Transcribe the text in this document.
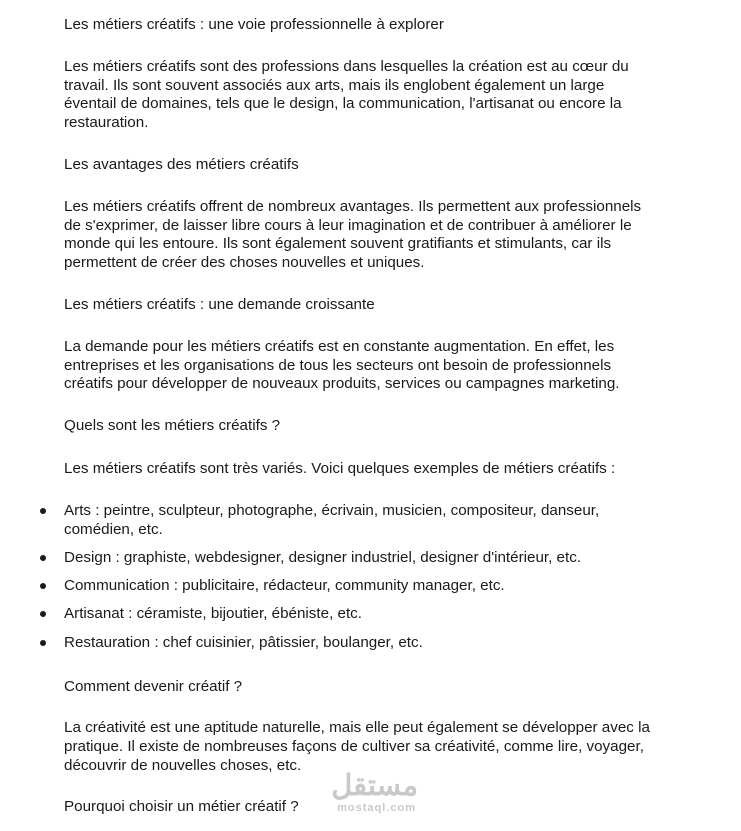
Les métiers créatifs : une voie professionnelle à explorer

Les métiers créatifs sont des professions dans lesquelles la création est au cœur du

travail. Ils sont souvent associés aux arts, mais ils englobent également un large

éventail de domaines, tels que le design, la communication, l'artisanat ou encore la

restauration.

Les avantages des métiers créatifs

Les métiers créatifs offrent de nombreux avantages. Ils permettent aux professionnels

de s'exprimer, de laisser libre cours à leur imagination et de contribuer à améliorer le

monde qui les entoure. Ils sont également souvent gratifiants et stimulants, car ils

permettent de créer des choses nouvelles et uniques.

Les métiers créatifs : une demande croissante

La demande pour les métiers créatifs est en constante augmentation. En effet, les

entreprises et les organisations de tous les secteurs ont besoin de professionnels

créatifs pour développer de nouveaux produits, services ou campagnes marketing.

Quels sont les métiers créatifs ?

Les métiers créatifs sont très variés. Voici quelques exemples de métiers créatifs :

Arts : peintre, sculpteur, photographe, écrivain, musicien, compositeur, danseur,

comédien, etc.

Design : graphiste, webdesigner, designer industriel, designer d'intérieur, etc.

Communication : publicitaire, rédacteur, community manager, etc.

Artisanat : céramiste, bijoutier, ébéniste, etc.

Restauration : chef cuisinier, pâtissier, boulanger, etc.

Comment devenir créatif ?

La créativité est une aptitude naturelle, mais elle peut également se développer avec la

pratique. Il existe de nombreuses façons de cultiver sa créativité, comme lire, voyager,

découvrir de nouvelles choses, etc.

Pourquoi choisir un métier créatif ?

مستقل
mostaql.com
